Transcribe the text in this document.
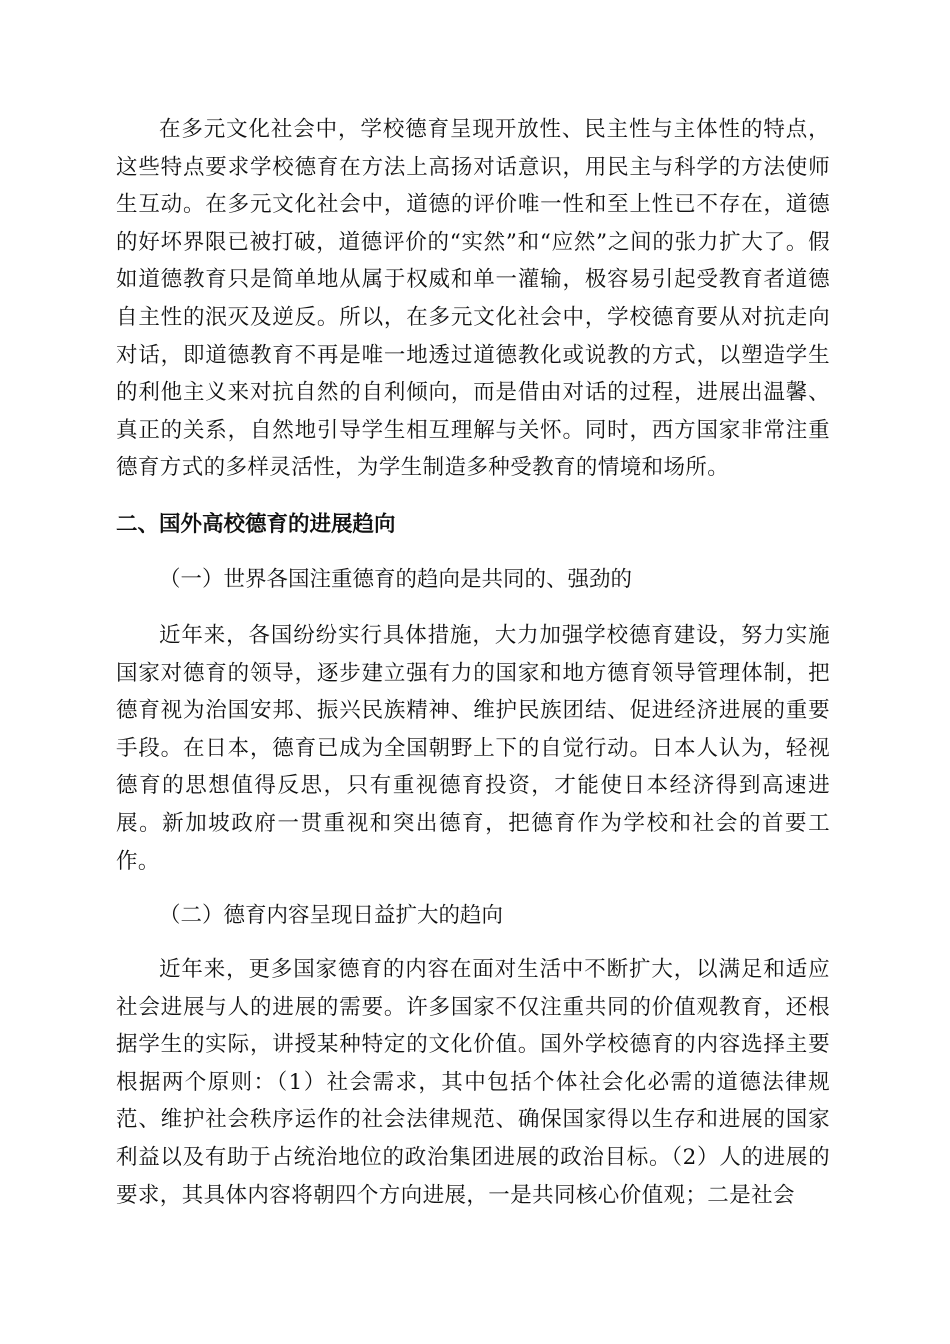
在多元文化社会中，学校德育呈现开放性、民主性与主体性的特点，这些特点要求学校德育在方法上高扬对话意识，用民主与科学的方法使师生互动。在多元文化社会中，道德的评价唯一性和至上性已不存在，道德的好坏界限已被打破，道德评价的“实然”和“应然”之间的张力扩大了。假如道德教育只是简单地从属于权威和单一灌输，极容易引起受教育者道德自主性的泯灭及逆反。所以，在多元文化社会中，学校德育要从对抗走向对话，即道德教育不再是唯一地透过道德教化或说教的方式，以塑造学生的利他主义来对抗自然的自利倾向，而是借由对话的过程，进展出温馨、真正的关系，自然地引导学生相互理解与关怀。同时，西方国家非常注重德育方式的多样灵活性，为学生制造多种受教育的情境和场所。

二、国外高校德育的进展趋向
（一）世界各国注重德育的趋向是共同的、强劲的

近年来，各国纷纷实行具体措施，大力加强学校德育建设，努力实施国家对德育的领导，逐步建立强有力的国家和地方德育领导管理体制，把德育视为治国安邦、振兴民族精神、维护民族团结、促进经济进展的重要手段。在日本，德育已成为全国朝野上下的自觉行动。日本人认为，轻视德育的思想值得反思，只有重视德育投资，才能使日本经济得到高速进展。新加坡政府一贯重视和突出德育，把德育作为学校和社会的首要工作。

（二）德育内容呈现日益扩大的趋向

近年来，更多国家德育的内容在面对生活中不断扩大，以满足和适应社会进展与人的进展的需要。许多国家不仅注重共同的价值观教育，还根据学生的实际，讲授某种特定的文化价值。国外学校德育的内容选择主要根据两个原则：（1）社会需求，其中包括个体社会化必需的道德法律规范、维护社会秩序运作的社会法律规范、确保国家得以生存和进展的国家利益以及有助于占统治地位的政治集团进展的政治目标。（2）人的进展的要求，其具体内容将朝四个方向进展，一是共同核心价值观；二是社会
